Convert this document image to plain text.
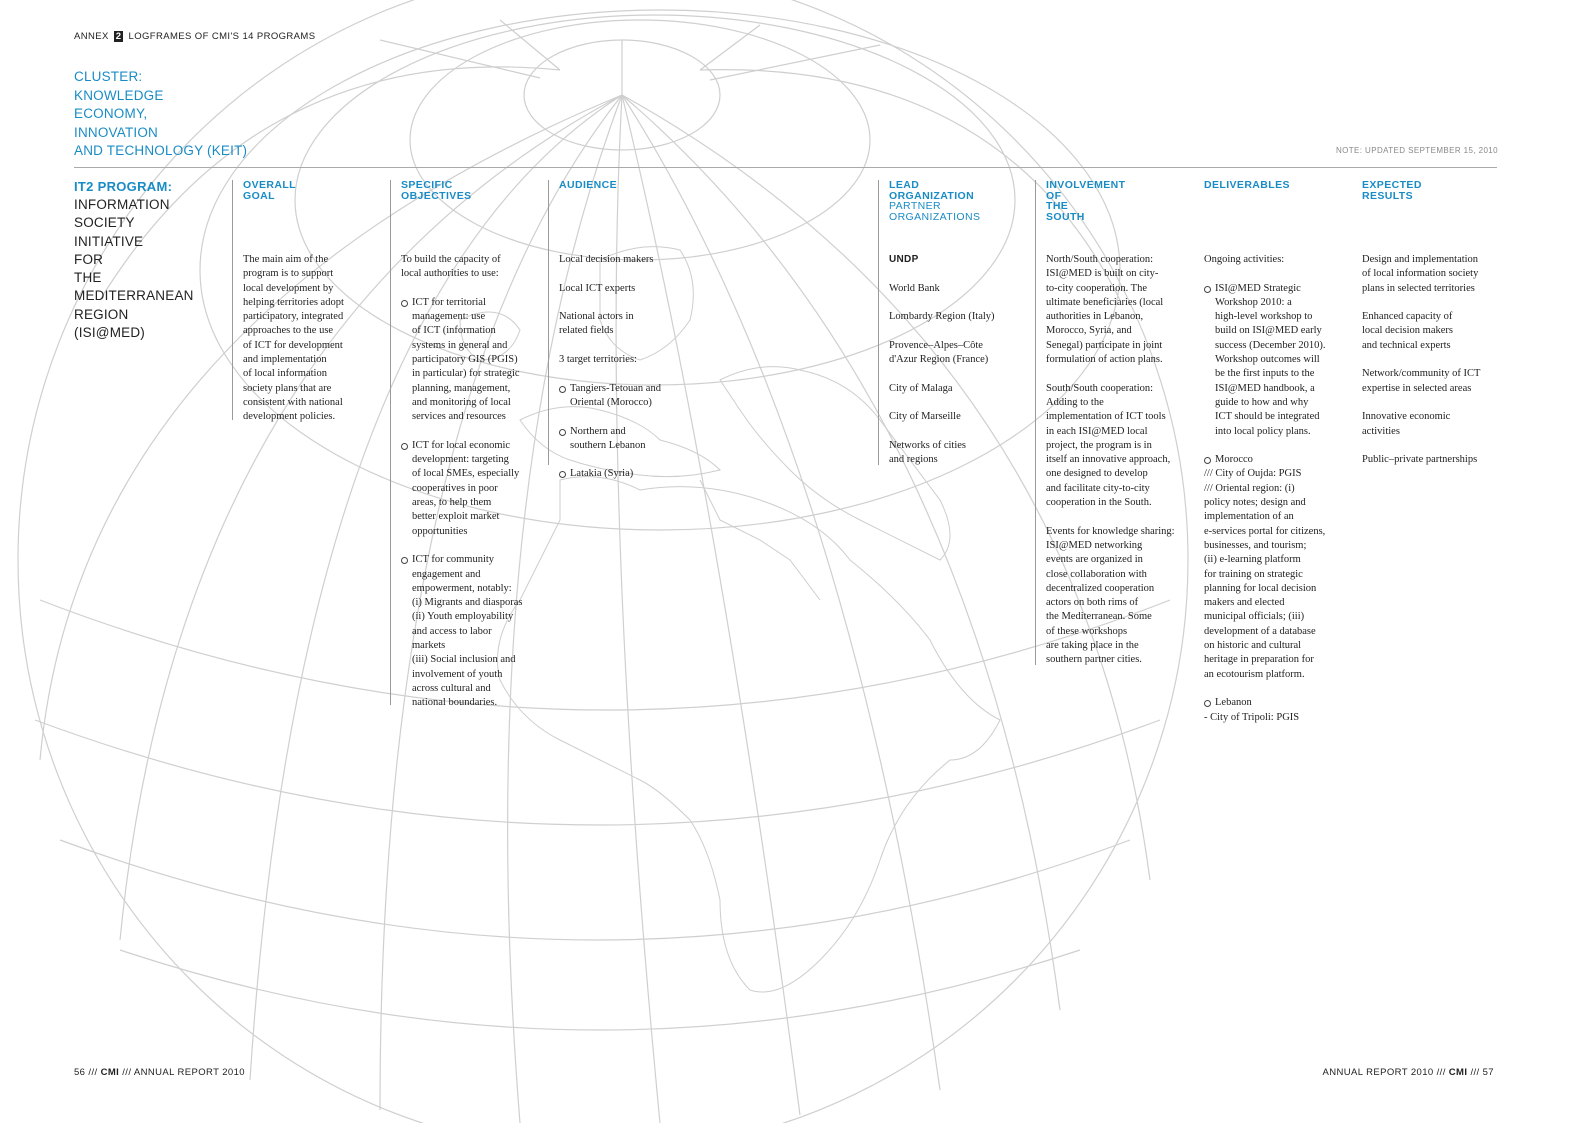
ANNEX 2 LOGFRAMES OF CMI'S 14 PROGRAMS
CLUSTER:
KNOWLEDGE
ECONOMY,
INNOVATION
AND TECHNOLOGY (KEIT)	NOTE: UPDATED SEPTEMBER 15, 2010
IT2 PROGRAM:
INFORMATION
SOCIETY
INITIATIVE
FOR
THE
MEDITERRANEAN
REGION
(ISI@MED)
OVERALL
GOAL
The main aim of the
program is to support
local development by
helping territories adopt
participatory, integrated
approaches to the use
of ICT for development
and implementation
of local information
society plans that are
consistent with national
development policies.
SPECIFIC
OBJECTIVES
To build the capacity of
local authorities to use:
ICT for territorial
management: use
of ICT (information
systems in general and
participatory GIS (PGIS)
in particular) for strategic
planning, management,
and monitoring of local
services and resources
ICT for local economic
development: targeting
of local SMEs, especially
cooperatives in poor
areas, to help them
better exploit market
opportunities
ICT for community
engagement and
empowerment, notably:
(i) Migrants and diasporas
(ii) Youth employability
and access to labor
markets
(iii) Social inclusion and
involvement of youth
across cultural and
national boundaries.
AUDIENCE
Local decision makers
Local ICT experts
National actors in
related fields
3 target territories:
Tangiers-Tetouan and
Oriental (Morocco)
Northern and
southern Lebanon
Latakia (Syria)
LEAD
ORGANIZATION
PARTNER
ORGANIZATIONS
UNDP
World Bank
Lombardy Region (Italy)
Provence–Alpes–Côte
d'Azur Region (France)
City of Malaga
City of Marseille
Networks of cities
and regions
INVOLVEMENT
OF
THE
SOUTH
North/South cooperation:
ISI@MED is built on city-
to-city cooperation. The
ultimate beneficiaries (local
authorities in Lebanon,
Morocco, Syria, and
Senegal) participate in joint
formulation of action plans.
South/South cooperation:
Adding to the
implementation of ICT tools
in each ISI@MED local
project, the program is in
itself an innovative approach,
one designed to develop
and facilitate city-to-city
cooperation in the South.
Events for knowledge sharing:
ISI@MED networking
events are organized in
close collaboration with
decentralized cooperation
actors on both rims of
the Mediterranean. Some
of these workshops
are taking place in the
southern partner cities.
DELIVERABLES
Ongoing activities:
ISI@MED Strategic
Workshop 2010: a
high-level workshop to
build on ISI@MED early
success (December 2010).
Workshop outcomes will
be the first inputs to the
ISI@MED handbook, a
guide to how and why
ICT should be integrated
into local policy plans.
Morocco
/// City of Oujda: PGIS
/// Oriental region: (i)
policy notes; design and
implementation of an
e-services portal for citizens,
businesses, and tourism;
(ii) e-learning platform
for training on strategic
planning for local decision
makers and elected
municipal officials; (iii)
development of a database
on historic and cultural
heritage in preparation for
an ecotourism platform.
Lebanon
- City of Tripoli: PGIS
EXPECTED
RESULTS
Design and implementation
of local information society
plans in selected territories
Enhanced capacity of
local decision makers
and technical experts
Network/community of ICT
expertise in selected areas
Innovative economic
activities
Public–private partnerships
56 /// CMI /// ANNUAL REPORT 2010	ANNUAL REPORT 2010 /// CMI /// 57
